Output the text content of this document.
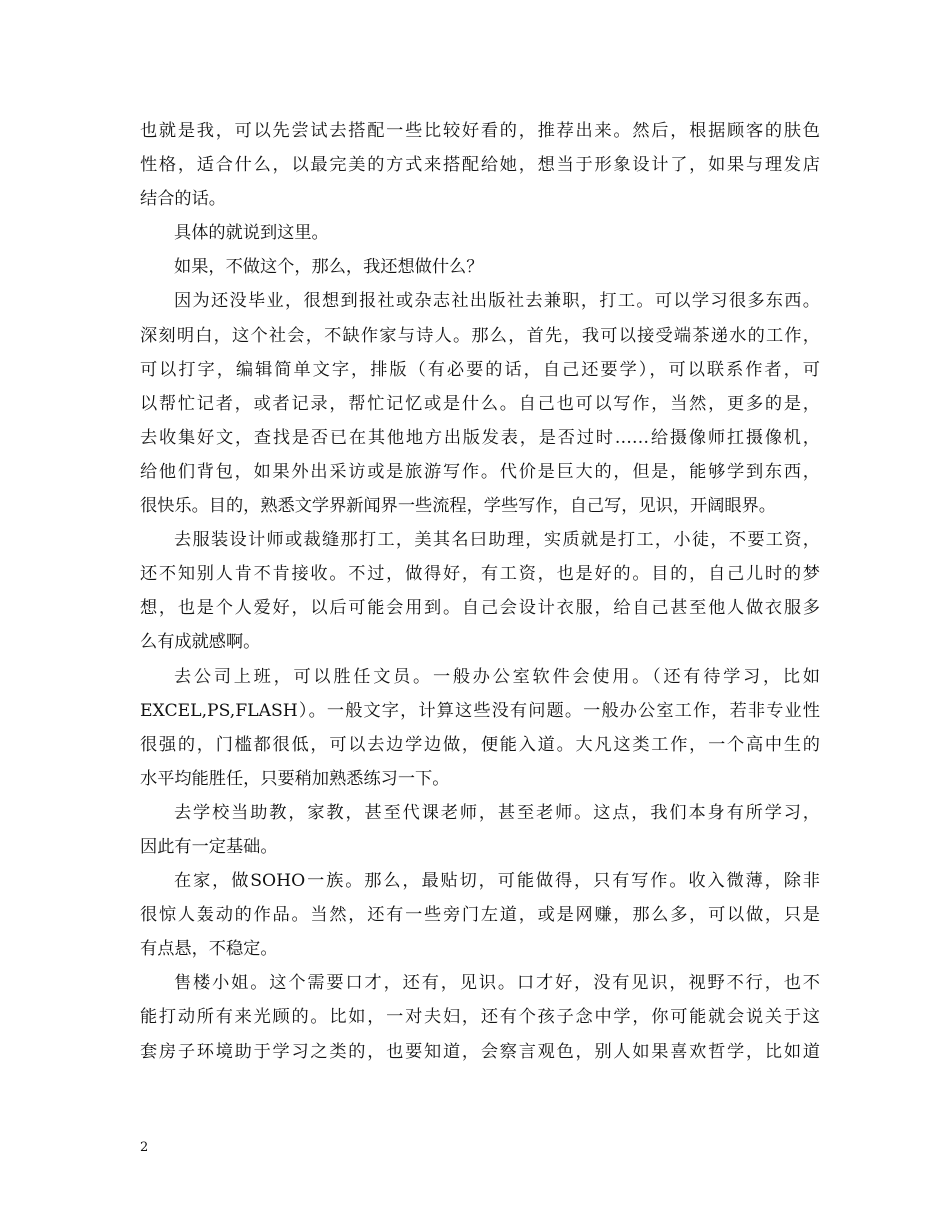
也就是我，可以先尝试去搭配一些比较好看的，推荐出来。然后，根据顾客的肤色
性格，适合什么，以最完美的方式来搭配给她，想当于形象设计了，如果与理发店
结合的话。
具体的就说到这里。
如果，不做这个，那么，我还想做什么？
因为还没毕业，很想到报社或杂志社出版社去兼职，打工。可以学习很多东西。
深刻明白，这个社会，不缺作家与诗人。那么，首先，我可以接受端茶递水的工作，
可以打字，编辑简单文字，排版（有必要的话，自己还要学），可以联系作者，可
以帮忙记者，或者记录，帮忙记忆或是什么。自己也可以写作，当然，更多的是，
去收集好文，查找是否已在其他地方出版发表，是否过时……给摄像师扛摄像机，
给他们背包，如果外出采访或是旅游写作。代价是巨大的，但是，能够学到东西，
很快乐。目的，熟悉文学界新闻界一些流程，学些写作，自己写，见识，开阔眼界。
去服装设计师或裁缝那打工，美其名曰助理，实质就是打工，小徒，不要工资，
还不知别人肯不肯接收。不过，做得好，有工资，也是好的。目的，自己儿时的梦
想，也是个人爱好，以后可能会用到。自己会设计衣服，给自己甚至他人做衣服多
么有成就感啊。
去公司上班，可以胜任文员。一般办公室软件会使用。（还有待学习，比如
EXCEL,PS,FLASH）。一般文字，计算这些没有问题。一般办公室工作，若非专业性
很强的，门槛都很低，可以去边学边做，便能入道。大凡这类工作，一个高中生的
水平均能胜任，只要稍加熟悉练习一下。
去学校当助教，家教，甚至代课老师，甚至老师。这点，我们本身有所学习，
因此有一定基础。
在家，做SOHO一族。那么，最贴切，可能做得，只有写作。收入微薄，除非
很惊人轰动的作品。当然，还有一些旁门左道，或是网赚，那么多，可以做，只是
有点悬，不稳定。
售楼小姐。这个需要口才，还有，见识。口才好，没有见识，视野不行，也不
能打动所有来光顾的。比如，一对夫妇，还有个孩子念中学，你可能就会说关于这
套房子环境助于学习之类的，也要知道，会察言观色，别人如果喜欢哲学，比如道
2
